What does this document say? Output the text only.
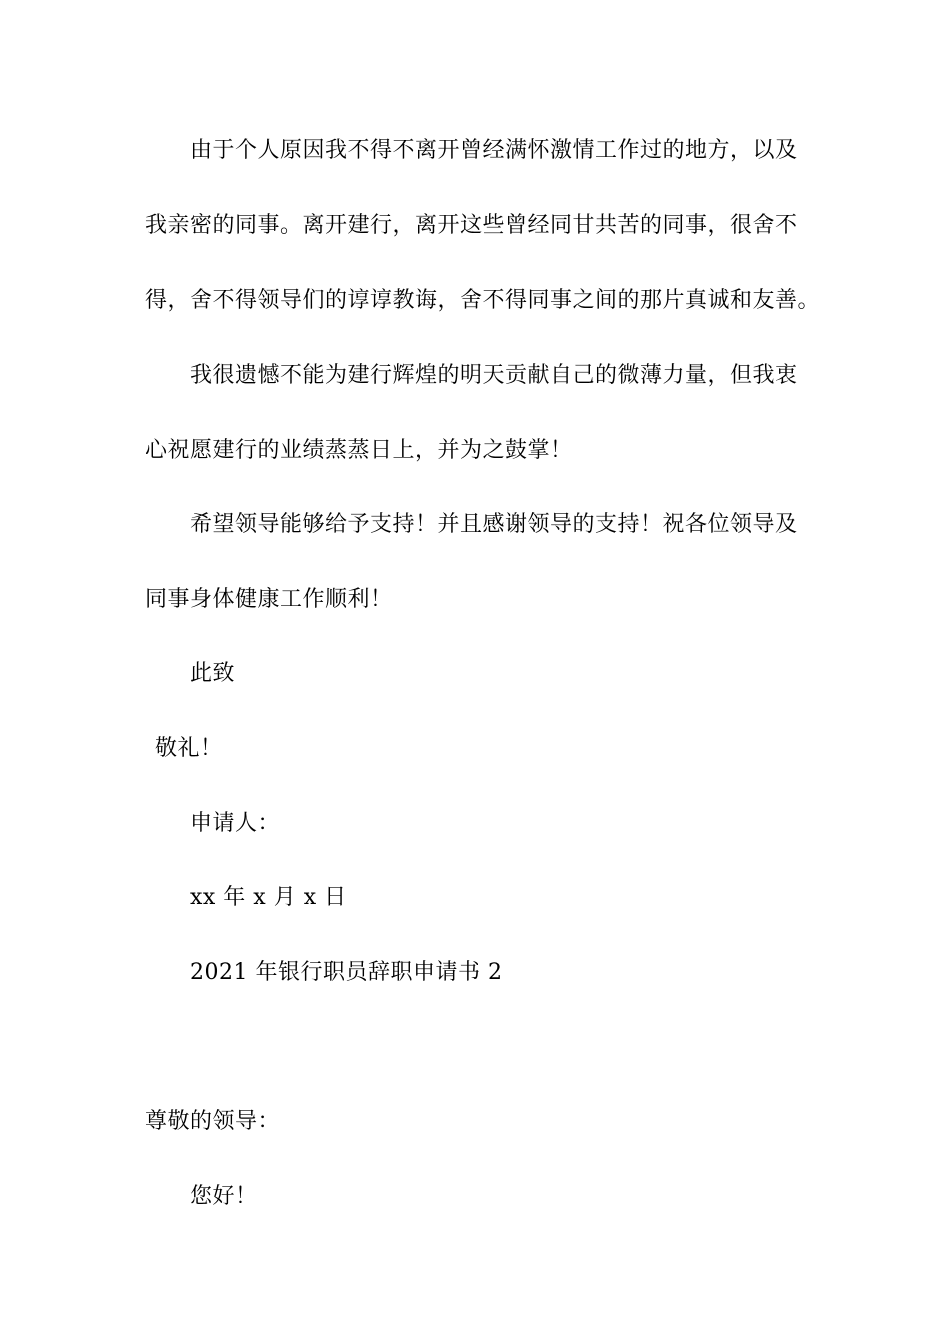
由于个人原因我不得不离开曾经满怀激情工作过的地方，以及
我亲密的同事。离开建行，离开这些曾经同甘共苦的同事，很舍不
得，舍不得领导们的谆谆教诲，舍不得同事之间的那片真诚和友善。
我很遗憾不能为建行辉煌的明天贡献自己的微薄力量，但我衷
心祝愿建行的业绩蒸蒸日上，并为之鼓掌！
希望领导能够给予支持！并且感谢领导的支持！祝各位领导及
同事身体健康工作顺利！
此致
敬礼！
申请人：
xx 年 x 月 x 日
2021 年银行职员辞职申请书 2
尊敬的领导：
您好！
